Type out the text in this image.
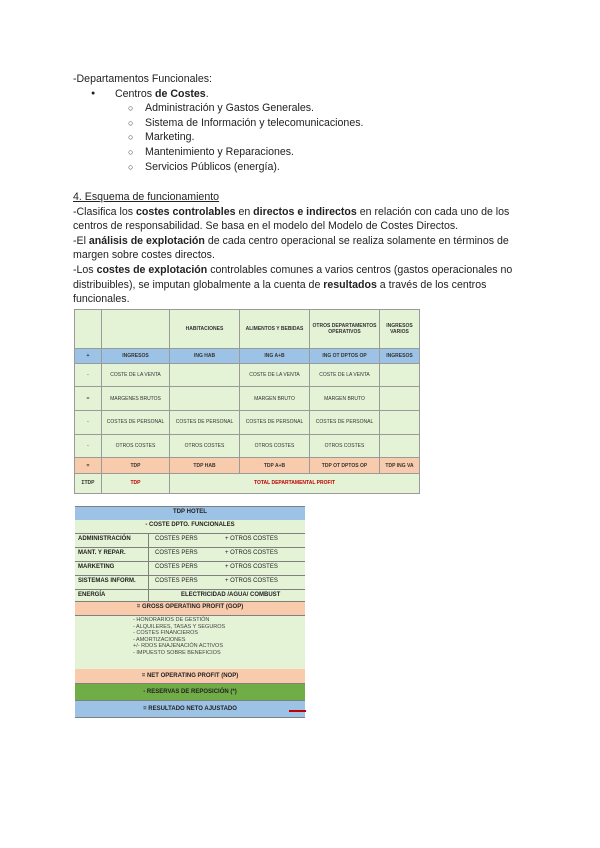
-Departamentos Funcionales:
● Centros de Costes.
○ Administración y Gastos Generales.
○ Sistema de Información y telecomunicaciones.
○ Marketing.
○ Mantenimiento y Reparaciones.
○ Servicios Públicos (energía).
4. Esquema de funcionamiento
-Clasifica los costes controlables en directos e indirectos en relación con cada uno de los centros de responsabilidad. Se basa en el modelo del Modelo de Costes Directos.
-El análisis de explotación de cada centro operacional se realiza solamente en términos de margen sobre costes directos.
-Los costes de explotación controlables comunes a varios centros (gastos operacionales no distribuibles), se imputan globalmente a la cuenta de resultados a través de los centros funcionales.
		HABITACIONES	ALIMENTOS Y BEBIDAS	OTROS DEPARTAMENTOS OPERATIVOS	INGRESOS VARIOS
+	INGRESOS	ING HAB	ING A+B	ING OT DPTOS OP	INGRESOS
-	COSTE DE LA VENTA		COSTE DE LA VENTA	COSTE DE LA VENTA	
=	MARGENES BRUTOS		MARGEN BRUTO	MARGEN BRUTO	
-	COSTES DE PERSONAL	COSTES DE PERSONAL	COSTES DE PERSONAL	COSTES DE PERSONAL	
-	OTROS COSTES	OTROS COSTES	OTROS COSTES	OTROS COSTES	
=	TDP	TDP HAB	TDP A+B	TDP OT DPTOS OP	TDP ING VA
ΣTDP	TDP	TOTAL DEPARTAMENTAL PROFIT			
TDP HOTEL
- COSTE DPTO. FUNCIONALES
ADMINISTRACIÓN	COSTES PERS	+ OTROS COSTES
MANT. Y REPAR.	COSTES PERS	+ OTROS COSTES
MARKETING	COSTES PERS	+ OTROS COSTES
SISTEMAS INFORM.	COSTES PERS	+ OTROS COSTES
ENERGÍA	ELECTRICIDAD /AGUA/ COMBUST
= GROSS OPERATING PROFIT (GOP)
- HONORARIOS DE GESTIÓN
- ALQUILERES, TASAS Y SEGUROS
- COSTES FINANCIEROS
- AMORTIZACIONES
+/- RDOS ENAJENACIÓN ACTIVOS
- IMPUESTO SOBRE BENEFICIOS
= NET OPERATING PROFIT (NOP)
- RESERVAS DE REPOSICIÓN (*)
= RESULTADO NETO AJUSTADO
